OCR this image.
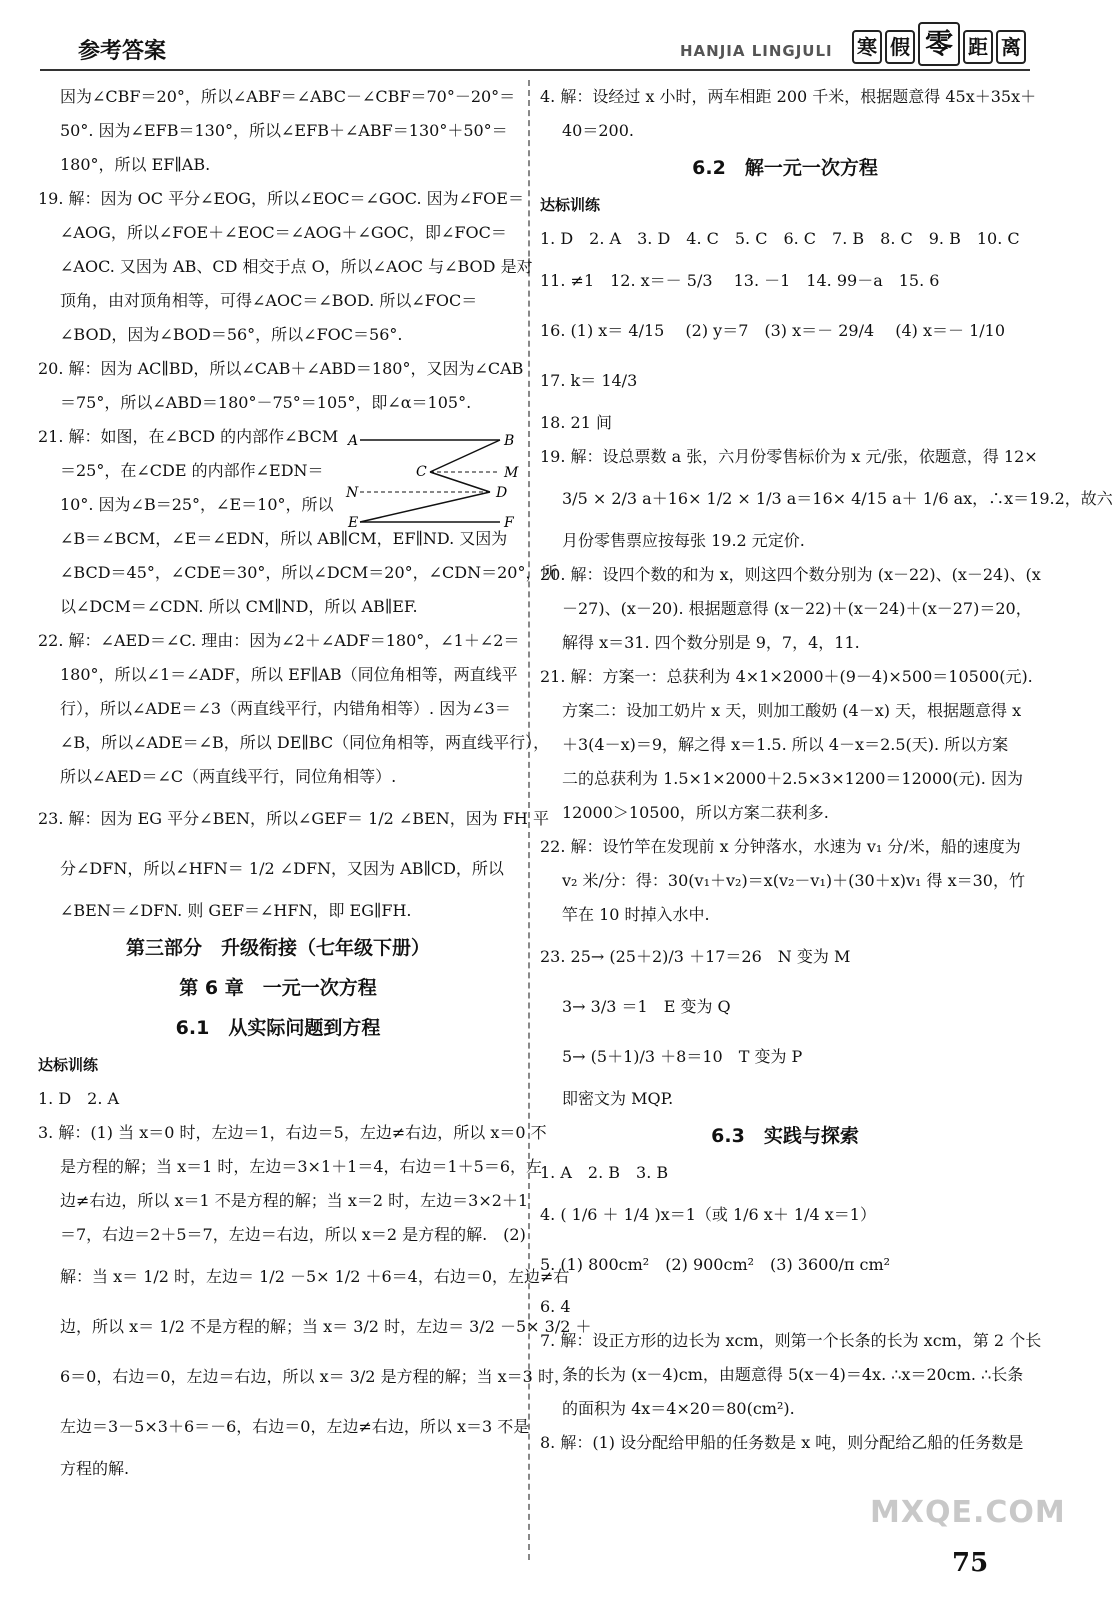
参考答案	HANJIA LINGJULI 寒 假 零 距 离
因为∠CBF＝20°，所以∠ABF＝∠ABC－∠CBF＝70°－20°＝
50°. 因为∠EFB＝130°，所以∠EFB＋∠ABF＝130°＋50°＝
180°，所以 EF∥AB.
19. 解：因为 OC 平分∠EOG，所以∠EOC＝∠GOC. 因为∠FOE＝
∠AOG，所以∠FOE＋∠EOC＝∠AOG＋∠GOC，即∠FOC＝
∠AOC. 又因为 AB、CD 相交于点 O，所以∠AOC 与∠BOD 是对
顶角，由对顶角相等，可得∠AOC＝∠BOD. 所以∠FOC＝
∠BOD，因为∠BOD＝56°，所以∠FOC＝56°.
20. 解：因为 AC∥BD，所以∠CAB＋∠ABD＝180°，又因为∠CAB
＝75°，所以∠ABD＝180°－75°＝105°，即∠α＝105°.
21. 解：如图，在∠BCD 的内部作∠BCM
＝25°，在∠CDE 的内部作∠EDN＝
10°. 因为∠B＝25°，∠E＝10°，所以
∠B＝∠BCM，∠E＝∠EDN，所以 AB∥CM，EF∥ND. 又因为
∠BCD＝45°，∠CDE＝30°，所以∠DCM＝20°，∠CDN＝20°，所
以∠DCM＝∠CDN. 所以 CM∥ND，所以 AB∥EF.
22. 解：∠AED＝∠C. 理由：因为∠2＋∠ADF＝180°，∠1＋∠2＝
180°，所以∠1＝∠ADF，所以 EF∥AB（同位角相等，两直线平
行），所以∠ADE＝∠3（两直线平行，内错角相等）. 因为∠3＝
∠B，所以∠ADE＝∠B，所以 DE∥BC（同位角相等，两直线平行），
所以∠AED＝∠C（两直线平行，同位角相等）.
23. 解：因为 EG 平分∠BEN，所以∠GEF＝ 1/2 ∠BEN，因为 FH 平
分∠DFN，所以∠HFN＝ 1/2 ∠DFN，又因为 AB∥CD，所以
∠BEN＝∠DFN. 则 GEF＝∠HFN，即 EG∥FH.
第三部分　升级衔接（七年级下册）
第 6 章　一元一次方程
6.1　从实际问题到方程
达标训练
1. D　2. A
3. 解：(1) 当 x＝0 时，左边＝1，右边＝5，左边≠右边，所以 x＝0 不
是方程的解；当 x＝1 时，左边＝3×1＋1＝4，右边＝1＋5＝6，左
边≠右边，所以 x＝1 不是方程的解；当 x＝2 时，左边＝3×2＋1
＝7，右边＝2＋5＝7，左边＝右边，所以 x＝2 是方程的解.　(2)
解：当 x＝ 1/2 时，左边＝ 1/2 －5× 1/2 ＋6＝4，右边＝0，左边≠右
边，所以 x＝ 1/2 不是方程的解；当 x＝ 3/2 时，左边＝ 3/2 －5× 3/2 ＋
6＝0，右边＝0，左边＝右边，所以 x＝ 3/2 是方程的解；当 x＝3 时，
左边＝3－5×3＋6＝－6，右边＝0，左边≠右边，所以 x＝3 不是
方程的解.
4. 解：设经过 x 小时，两车相距 200 千米，根据题意得 45x＋35x＋
40＝200.
6.2　解一元一次方程
达标训练
1. D　2. A　3. D　4. C　5. C　6. C　7. B　8. C　9. B　10. C
11. ≠1　12. x＝－ 5/3 　13. －1　14. 99－a　15. 6
16. (1) x＝ 4/15 　(2) y＝7　(3) x＝－ 29/4 　(4) x＝－ 1/10
17. k＝ 14/3
18. 21 间
19. 解：设总票数 a 张，六月份零售标价为 x 元/张，依题意，得 12×
3/5 × 2/3 a＋16× 1/2 × 1/3 a＝16× 4/15 a＋ 1/6 ax，∴x＝19.2，故六
月份零售票应按每张 19.2 元定价.
20. 解：设四个数的和为 x，则这四个数分别为 (x－22)、(x－24)、(x
－27)、(x－20). 根据题意得 (x－22)＋(x－24)＋(x－27)＝20，
解得 x＝31. 四个数分别是 9，7，4，11.
21. 解：方案一：总获利为 4×1×2000＋(9－4)×500＝10500(元).
方案二：设加工奶片 x 天，则加工酸奶 (4－x) 天，根据题意得 x
＋3(4－x)＝9，解之得 x＝1.5. 所以 4－x＝2.5(天). 所以方案
二的总获利为 1.5×1×2000＋2.5×3×1200＝12000(元). 因为
12000＞10500，所以方案二获利多.
22. 解：设竹竿在发现前 x 分钟落水，水速为 v₁ 分/米，船的速度为
v₂ 米/分：得：30(v₁＋v₂)＝x(v₂－v₁)＋(30＋x)v₁ 得 x＝30，竹
竿在 10 时掉入水中.
23. 25→ (25＋2)/3 ＋17＝26　N 变为 M
3→ 3/3 ＝1　E 变为 Q
5→ (5＋1)/3 ＋8＝10　T 变为 P
即密文为 MQP.
6.3　实践与探索
1. A　2. B　3. B
4. ( 1/6 ＋ 1/4 )x＝1（或 1/6 x＋ 1/4 x＝1）
5. (1) 800cm²　(2) 900cm²　(3) 3600/π cm²
6. 4
7. 解：设正方形的边长为 xcm，则第一个长条的长为 xcm，第 2 个长
条的长为 (x－4)cm，由题意得 5(x－4)＝4x. ∴x＝20cm. ∴长条
的面积为 4x＝4×20＝80(cm²).
8. 解：(1) 设分配给甲船的任务数是 x 吨，则分配给乙船的任务数是
A	B
C	M
N	D
E	F
MXQE.COM
75
